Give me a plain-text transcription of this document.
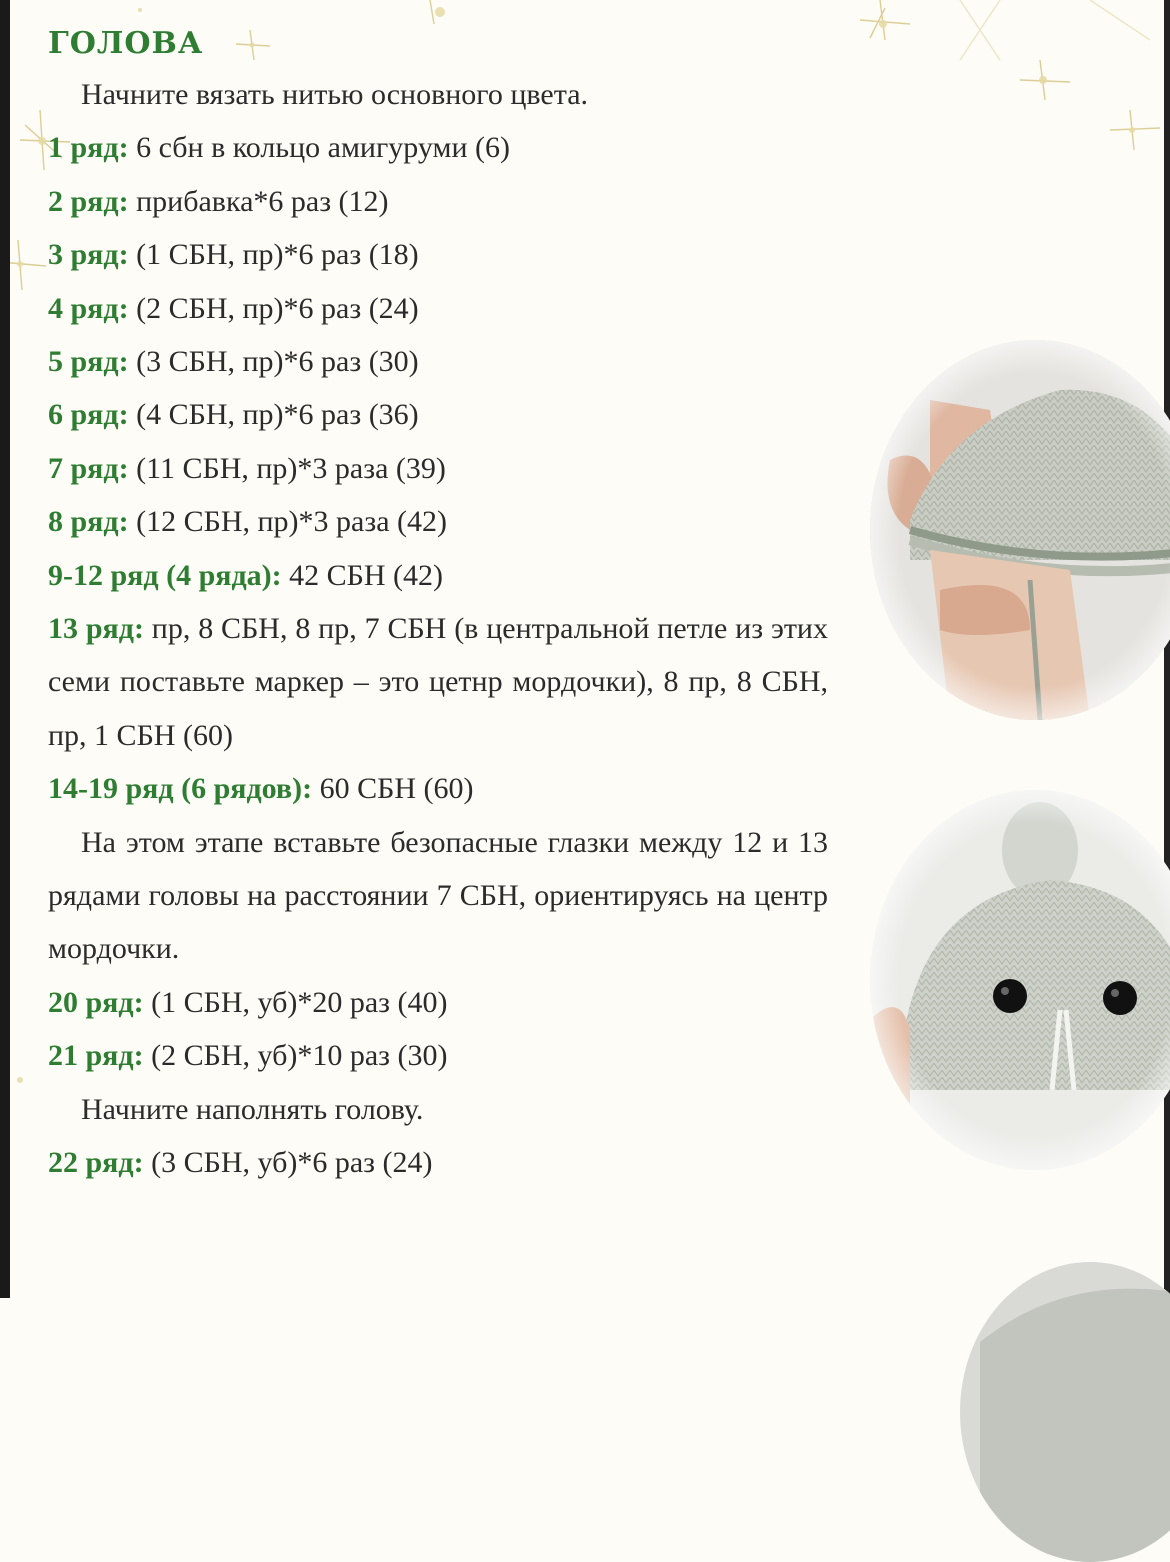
ГОЛОВА
Начните вязать нитью основного цвета.
1 ряд: 6 сбн в кольцо амигуруми (6)
2 ряд: прибавка*6 раз (12)
3 ряд: (1 СБН, пр)*6 раз (18)
4 ряд: (2 СБН, пр)*6 раз (24)
5 ряд: (3 СБН, пр)*6 раз (30)
6 ряд: (4 СБН, пр)*6 раз (36)
7 ряд: (11 СБН, пр)*3 раза (39)
8 ряд: (12 СБН, пр)*3 раза (42)
9-12 ряд (4 ряда): 42 СБН (42)
13 ряд: пр, 8 СБН, 8 пр, 7 СБН (в центральной петле из этих семи поставьте маркер – это цетнр мордочки), 8 пр, 8 СБН, пр, 1 СБН (60)
14-19 ряд (6 рядов): 60 СБН (60)
На этом этапе вставьте безопасные глазки между 12 и 13 рядами головы на расстоянии 7 СБН, ориентируясь на центр мордочки.
20 ряд: (1 СБН, уб)*20 раз (40)
21 ряд: (2 СБН, уб)*10 раз (30)
Начните наполнять голову.
22 ряд: (3 СБН, уб)*6 раз (24)
